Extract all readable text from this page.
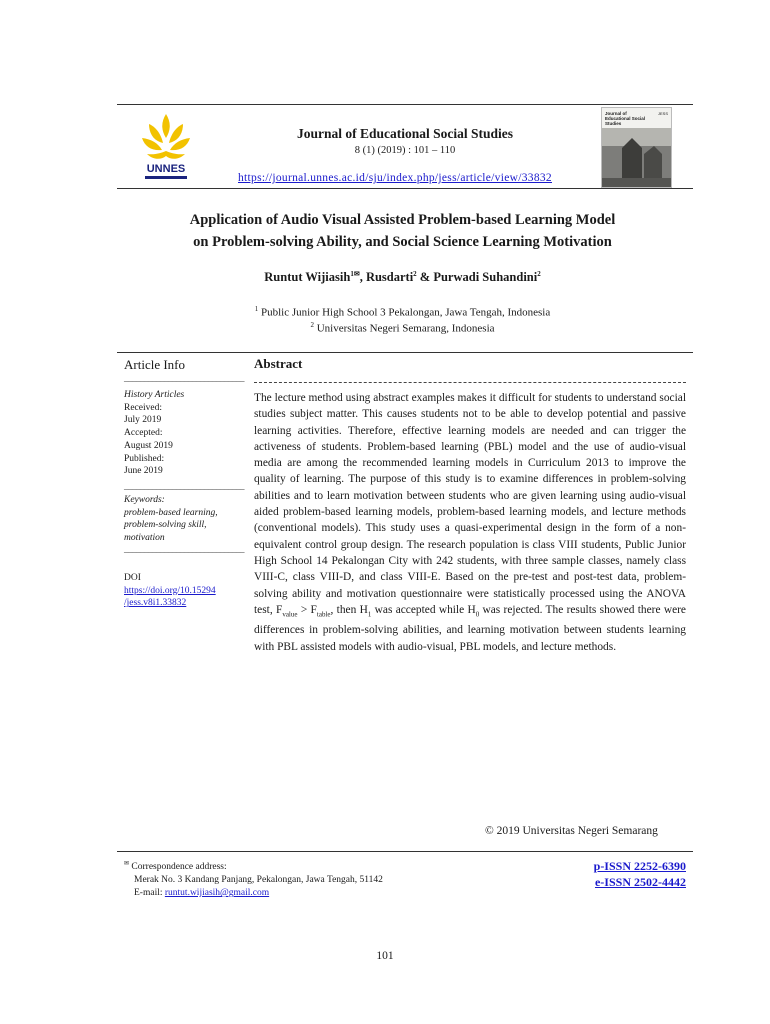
UNNES
Journal of Educational Social Studies
8 (1) (2019) : 101 – 110
https://journal.unnes.ac.id/sju/index.php/jess/article/view/33832
Journal of Educational Social Studies
JESS
Application of Audio Visual Assisted Problem-based Learning Model
on Problem-solving Ability, and Social Science Learning Motivation
Runtut Wijiasih$^{1✉}$, Rusdarti$^2$ & Purwadi Suhandini$^2$
$^1$ Public Junior High School 3 Pekalongan, Jawa Tengah, Indonesia
$^2$ Universitas Negeri Semarang, Indonesia
Article Info
______________________________
History Articles
Received:
July 2019
Accepted:
August 2019
Published:
June 2019
______________________________
Keywords:
problem-based learning,
problem-solving skill,
motivation
______________________________
DOI
https://doi.org/10.15294
/jess.v8i1.33832
Abstract
The lecture method using abstract examples makes it difficult for students to understand social studies subject matter. This causes students not to be able to develop potential and passive learning activities. Therefore, effective learning models are needed and can trigger the activeness of students. Problem-based learning (PBL) model and the use of audio-visual media are among the recommended learning models in Curriculum 2013 to improve the quality of learning. The purpose of this study is to examine differences in problem-solving abilities and to learn motivation between students who are given learning using audio-visual aided problem-based learning models, problem-based learning models, and lecture methods (conventional models). This study uses a quasi-experimental design in the form of a non-equivalent control group design. The research population is class VIII students, Public Junior High School 14 Pekalongan City with 242 students, with three sample classes, namely class VIII-C, class VIII-D, and class VIII-E. Based on the pre-test and post-test data, problem-solving ability and motivation questionnaire were statistically processed using the ANOVA test, $F_{value} > F_{table}$, then $H_1$ was accepted while $H_0$ was rejected. The results showed there were differences in problem-solving abilities, and learning motivation between students learning with PBL assisted models with audio-visual, PBL models, and lecture methods.
© 2019 Universitas Negeri Semarang
✉ Correspondence address:
Merak No. 3 Kandang Panjang, Pekalongan, Jawa Tengah, 51142
E-mail: runtut.wijiasih@gmail.com
p-ISSN 2252-6390
e-ISSN 2502-4442
101
